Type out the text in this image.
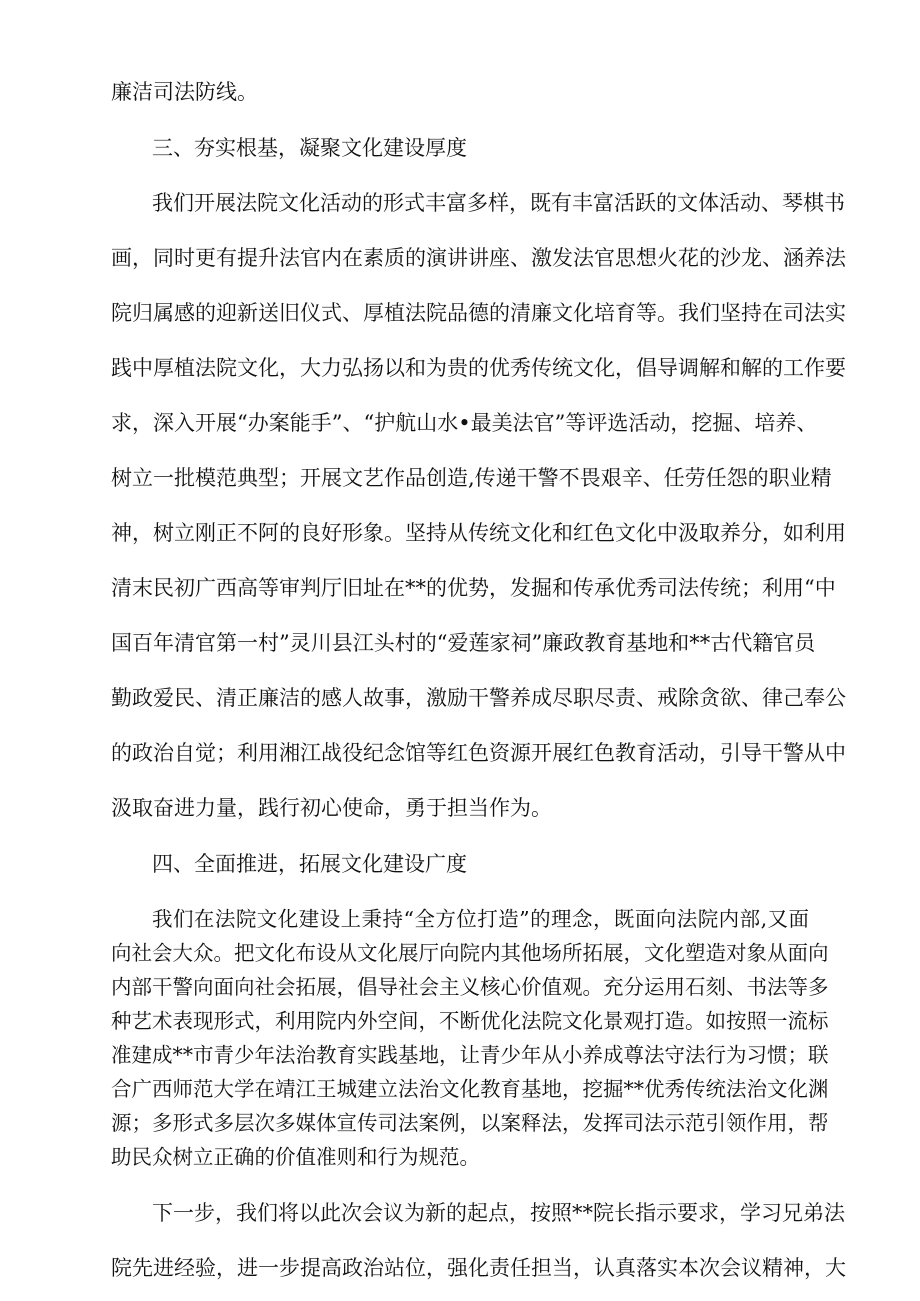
廉洁司法防线。

三、夯实根基，凝聚文化建设厚度

我们开展法院文化活动的形式丰富多样，既有丰富活跃的文体活动、琴棋书

画，同时更有提升法官内在素质的演讲讲座、激发法官思想火花的沙龙、涵养法

院归属感的迎新送旧仪式、厚植法院品德的清廉文化培育等。我们坚持在司法实

践中厚植法院文化，大力弘扬以和为贵的优秀传统文化，倡导调解和解的工作要

求，深入开展“办案能手”、“护航山水•最美法官”等评选活动，挖掘、培养、

树立一批模范典型；开展文艺作品创造,传递干警不畏艰辛、任劳任怨的职业精

神，树立刚正不阿的良好形象。坚持从传统文化和红色文化中汲取养分，如利用

清末民初广西高等审判厅旧址在**的优势，发掘和传承优秀司法传统；利用“中

国百年清官第一村”灵川县江头村的“爱莲家祠”廉政教育基地和**古代籍官员

勤政爱民、清正廉洁的感人故事，激励干警养成尽职尽责、戒除贪欲、律己奉公

的政治自觉；利用湘江战役纪念馆等红色资源开展红色教育活动，引导干警从中

汲取奋进力量，践行初心使命，勇于担当作为。

四、全面推进，拓展文化建设广度

我们在法院文化建设上秉持“全方位打造”的理念，既面向法院内部,又面

向社会大众。把文化布设从文化展厅向院内其他场所拓展，文化塑造对象从面向

内部干警向面向社会拓展，倡导社会主义核心价值观。充分运用石刻、书法等多

种艺术表现形式，利用院内外空间，不断优化法院文化景观打造。如按照一流标

准建成**市青少年法治教育实践基地，让青少年从小养成尊法守法行为习惯；联

合广西师范大学在靖江王城建立法治文化教育基地，挖掘**优秀传统法治文化渊

源；多形式多层次多媒体宣传司法案例，以案释法，发挥司法示范引领作用，帮

助民众树立正确的价值准则和行为规范。

下一步，我们将以此次会议为新的起点，按照**院长指示要求，学习兄弟法

院先进经验，进一步提高政治站位，强化责任担当，认真落实本次会议精神，大
